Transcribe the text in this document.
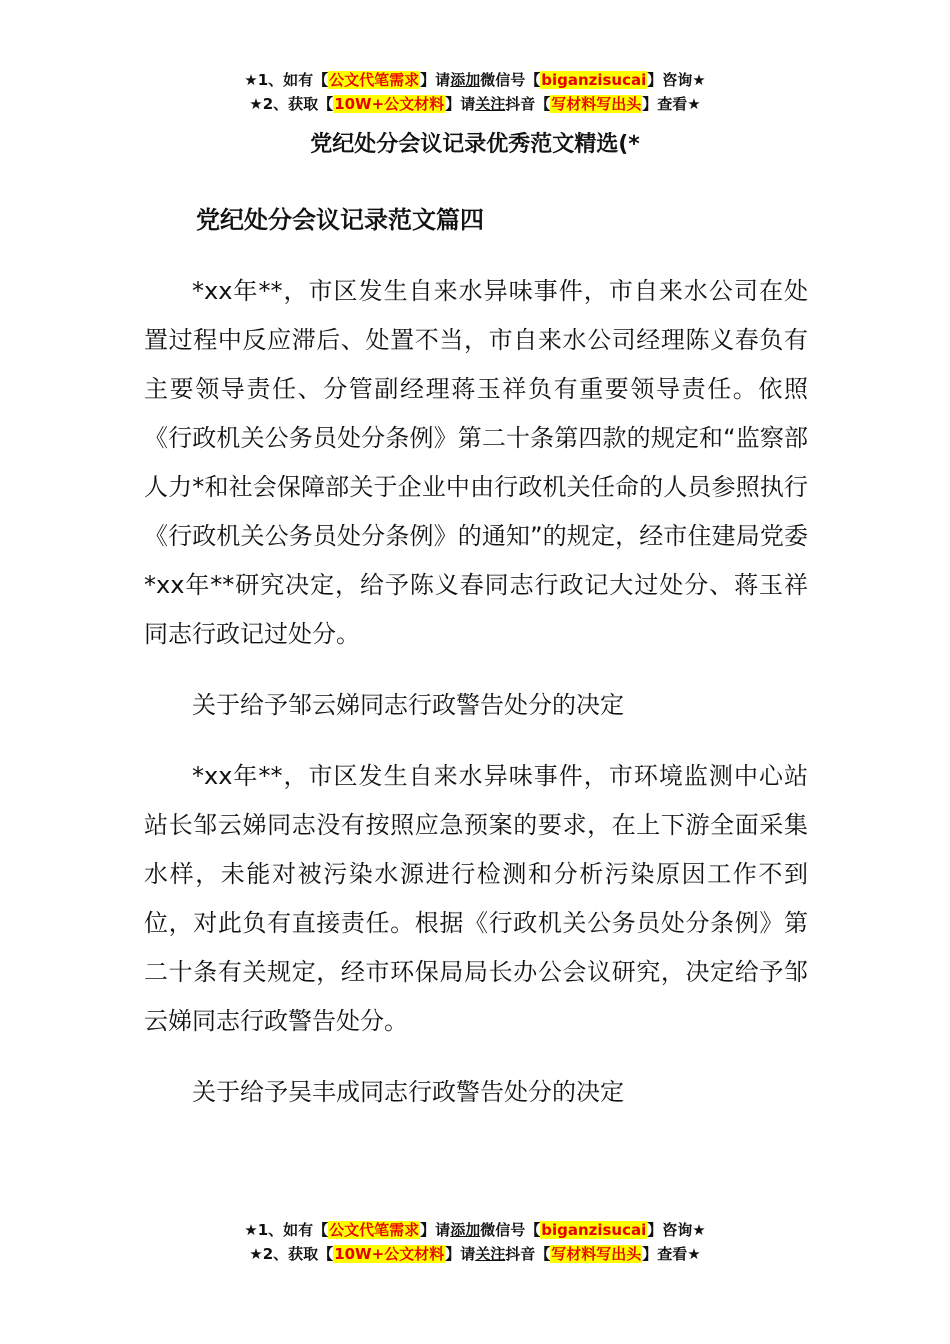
★1、如有【公文代笔需求】请添加微信号【biganzisucai】咨询★
★2、获取【10W+公文材料】请关注抖音【写材料写出头】查看★
党纪处分会议记录优秀范文精选(*

党纪处分会议记录范文篇四

*xx年**，市区发生自来水异味事件，市自来水公司在处置过程中反应滞后、处置不当，市自来水公司经理陈义春负有主要领导责任、分管副经理蒋玉祥负有重要领导责任。依照《行政机关公务员处分条例》第二十条第四款的规定和“监察部人力*和社会保障部关于企业中由行政机关任命的人员参照执行《行政机关公务员处分条例》的通知”的规定，经市住建局党委*xx年**研究决定，给予陈义春同志行政记大过处分、蒋玉祥同志行政记过处分。

关于给予邹云娣同志行政警告处分的决定

*xx年**，市区发生自来水异味事件，市环境监测中心站站长邹云娣同志没有按照应急预案的要求，在上下游全面采集水样，未能对被污染水源进行检测和分析污染原因工作不到位，对此负有直接责任。根据《行政机关公务员处分条例》第二十条有关规定，经市环保局局长办公会议研究，决定给予邹云娣同志行政警告处分。

关于给予吴丰成同志行政警告处分的决定

★1、如有【公文代笔需求】请添加微信号【biganzisucai】咨询★
★2、获取【10W+公文材料】请关注抖音【写材料写出头】查看★
